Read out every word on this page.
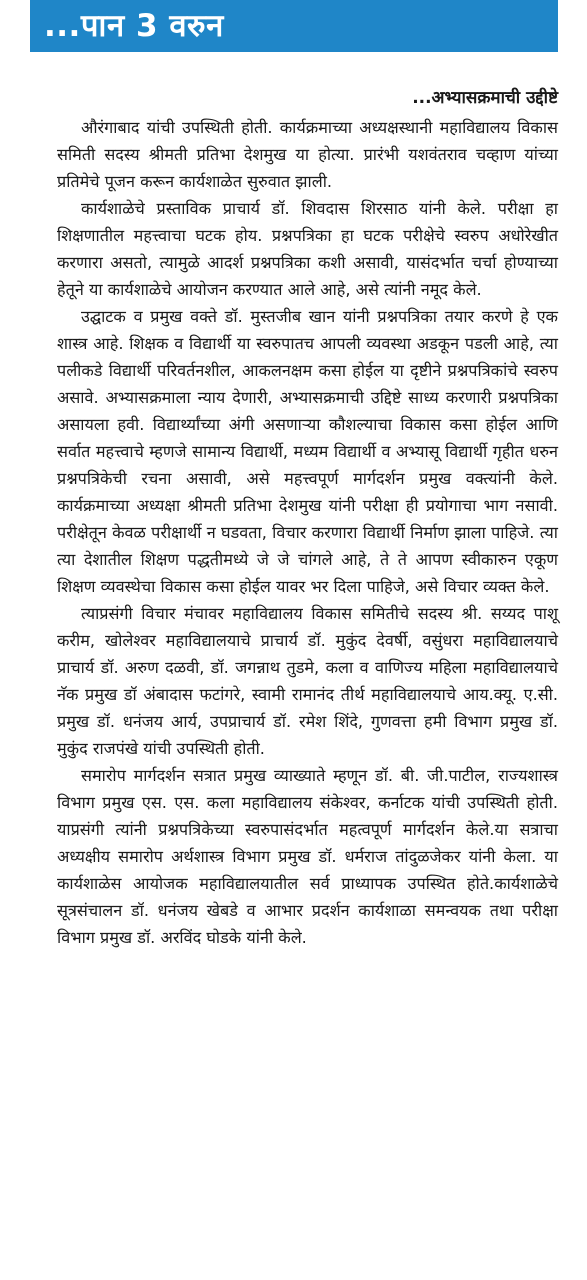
...पान 3 वरुन
...अभ्यासक्रमाची उद्दीष्टे

औरंगाबाद यांची उपस्थिती होती. कार्यक्रमाच्या अध्यक्षस्थानी महाविद्यालय विकास समिती सदस्य श्रीमती प्रतिभा देशमुख या होत्या. प्रारंभी यशवंतराव चव्हाण यांच्या प्रतिमेचे पूजन करून कार्यशाळेत सुरुवात झाली.

कार्यशाळेचे प्रस्ताविक प्राचार्य डॉ. शिवदास शिरसाठ यांनी केले. परीक्षा हा शिक्षणातील महत्त्वाचा घटक होय. प्रश्नपत्रिका हा घटक परीक्षेचे स्वरुप अधोरेखीत करणारा असतो, त्यामुळे आदर्श प्रश्नपत्रिका कशी असावी, यासंदर्भात चर्चा होण्याच्या हेतूने या कार्यशाळेचे आयोजन करण्यात आले आहे, असे त्यांनी नमूद केले.

उद्घाटक व प्रमुख वक्ते डॉ. मुस्तजीब खान यांनी प्रश्नपत्रिका तयार करणे हे एक शास्त्र आहे. शिक्षक व विद्यार्थी या स्वरुपातच आपली व्यवस्था अडकून पडली आहे, त्या पलीकडे विद्यार्थी परिवर्तनशील, आकलनक्षम कसा होईल या दृष्टीने प्रश्नपत्रिकांचे स्वरुप असावे. अभ्यासक्रमाला न्याय देणारी, अभ्यासक्रमाची उद्दिष्टे साध्य करणारी प्रश्नपत्रिका असायला हवी. विद्यार्थ्यांच्या अंगी असणाऱ्या कौशल्याचा विकास कसा होईल आणि सर्वात महत्त्वाचे म्हणजे सामान्य विद्यार्थी, मध्यम विद्यार्थी व अभ्यासू विद्यार्थी गृहीत धरुन प्रश्नपत्रिकेची रचना असावी, असे महत्त्वपूर्ण मार्गदर्शन प्रमुख वक्त्यांनी केले. कार्यक्रमाच्या अध्यक्षा श्रीमती प्रतिभा देशमुख यांनी परीक्षा ही प्रयोगाचा भाग नसावी. परीक्षेतून केवळ परीक्षार्थी न घडवता, विचार करणारा विद्यार्थी निर्माण झाला पाहिजे. त्या त्या देशातील शिक्षण पद्धतीमध्ये जे जे चांगले आहे, ते ते आपण स्वीकारुन एकूण शिक्षण व्यवस्थेचा विकास कसा होईल यावर भर दिला पाहिजे, असे विचार व्यक्त केले.

त्याप्रसंगी विचार मंचावर महाविद्यालय विकास समितीचे सदस्य श्री. सय्यद पाशू करीम, खोलेश्वर महाविद्यालयाचे प्राचार्य डॉ. मुकुंद देवर्षी, वसुंधरा महाविद्यालयाचे प्राचार्य डॉ. अरुण दळवी, डॉ. जगन्नाथ तुडमे, कला व वाणिज्य महिला महाविद्यालयाचे नॅक प्रमुख डॉ अंबादास फटांगरे, स्वामी रामानंद तीर्थ महाविद्यालयाचे आय.क्यू. ए.सी. प्रमुख डॉ. धनंजय आर्य, उपप्राचार्य डॉ. रमेश शिंदे, गुणवत्ता हमी विभाग प्रमुख डॉ. मुकुंद राजपंखे यांची उपस्थिती होती.

समारोप मार्गदर्शन सत्रात प्रमुख व्याख्याते म्हणून डॉ. बी. जी.पाटील, राज्यशास्त्र विभाग प्रमुख एस. एस. कला महाविद्यालय संकेश्वर, कर्नाटक यांची उपस्थिती होती. याप्रसंगी त्यांनी प्रश्नपत्रिकेच्या स्वरुपासंदर्भात महत्वपूर्ण मार्गदर्शन केले.या सत्राचा अध्यक्षीय समारोप अर्थशास्त्र विभाग प्रमुख डॉ. धर्मराज तांदुळजेकर यांनी केला. या कार्यशाळेस आयोजक महाविद्यालयातील सर्व प्राध्यापक उपस्थित होते.कार्यशाळेचे सूत्रसंचालन डॉ. धनंजय खेबडे व आभार प्रदर्शन कार्यशाळा समन्वयक तथा परीक्षा विभाग प्रमुख डॉ. अरविंद घोडके यांनी केले.
